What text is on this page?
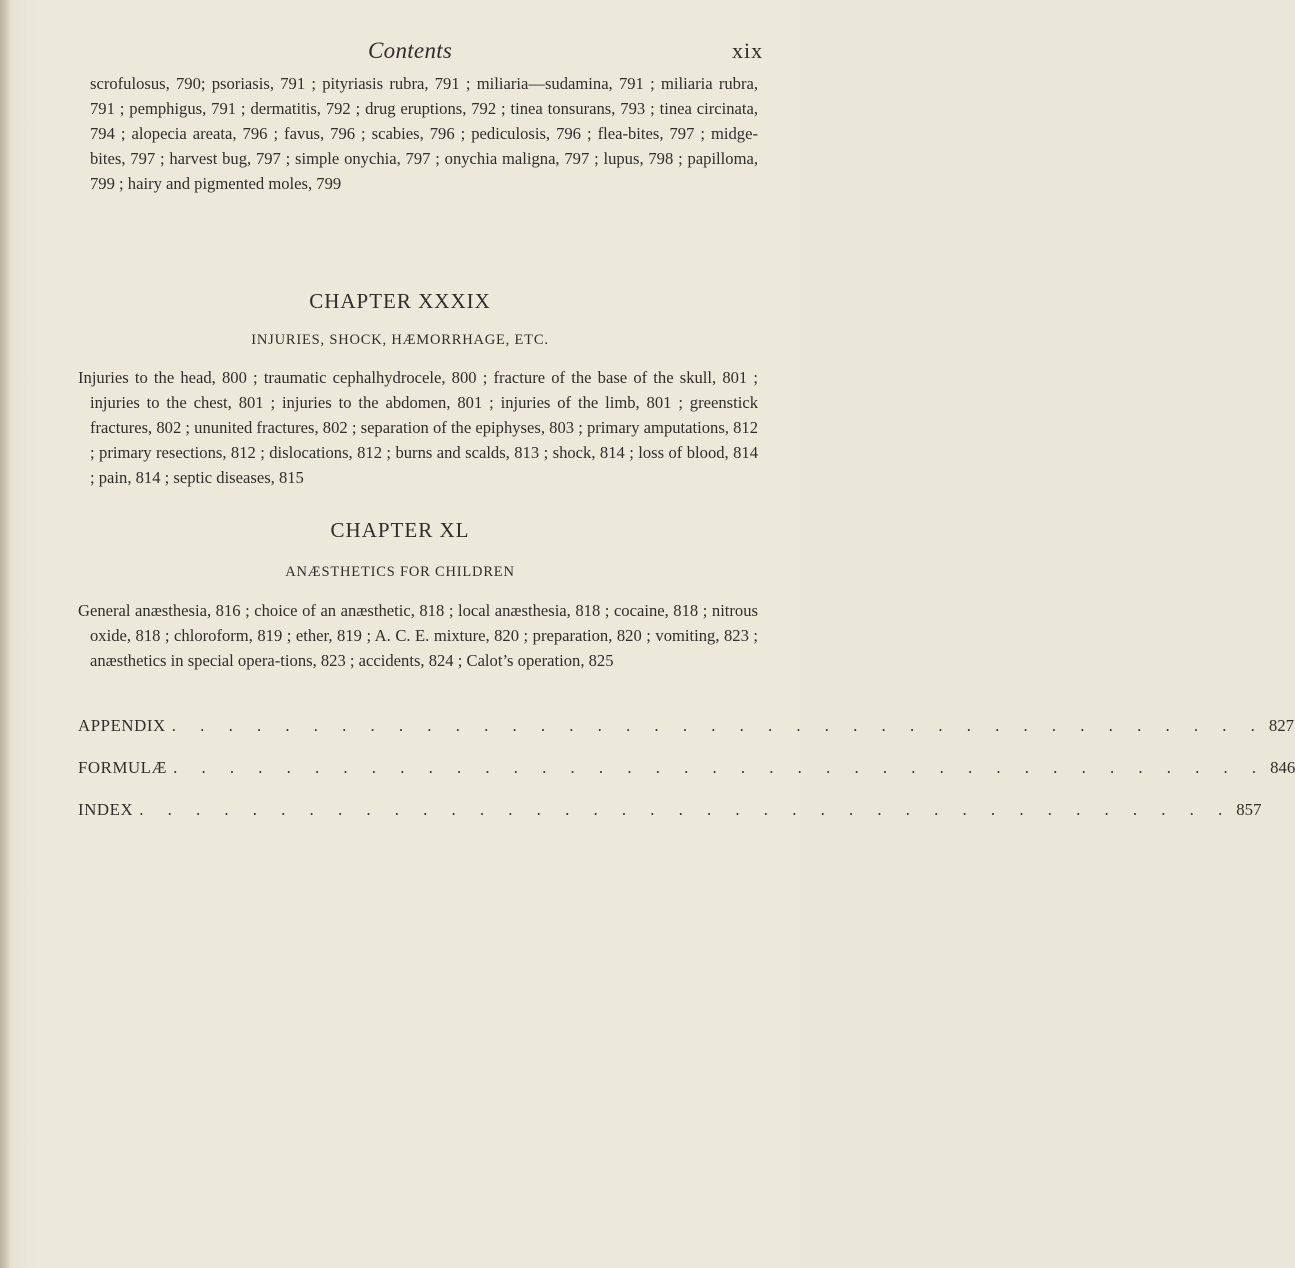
Contents	xix
scrofulosus, 790; psoriasis, 791 ; pityriasis rubra, 791 ; miliaria—sudamina, 791 ; miliaria rubra, 791 ; pemphigus, 791 ; dermatitis, 792 ; drug eruptions, 792 ; tinea tonsurans, 793 ; tinea circinata, 794 ; alopecia areata, 796 ; favus, 796 ; scabies, 796 ; pediculosis, 796 ; flea-bites, 797 ; midge-bites, 797 ; harvest bug, 797 ; simple onychia, 797 ; onychia maligna, 797 ; lupus, 798 ; papilloma, 799 ; hairy and pigmented moles, 799
CHAPTER XXXIX
INJURIES, SHOCK, HÆMORRHAGE, ETC.
Injuries to the head, 800 ; traumatic cephalhydrocele, 800 ; fracture of the base of the skull, 801 ; injuries to the chest, 801 ; injuries to the abdomen, 801 ; injuries of the limb, 801 ; greenstick fractures, 802 ; ununited fractures, 802 ; separation of the epiphyses, 803 ; primary amputations, 812 ; primary resections, 812 ; dislocations, 812 ; burns and scalds, 813 ; shock, 814 ; loss of blood, 814 ; pain, 814 ; septic diseases, 815
CHAPTER XL
ANÆSTHETICS FOR CHILDREN
General anæsthesia, 816 ; choice of an anæsthetic, 818 ; local anæsthesia, 818 ; cocaine, 818 ; nitrous oxide, 818 ; chloroform, 819 ; ether, 819 ; A. C. E. mixture, 820 ; preparation, 820 ; vomiting, 823 ; anæsthetics in special opera-tions, 823 ; accidents, 824 ; Calot’s operation, 825
APPENDIX . . . . . . . . . . . . . . . . . . . . . . . . . . . . . . . . . . . . . . . 827
FORMULÆ . . . . . . . . . . . . . . . . . . . . . . . . . . . . . . . . . . . . . . . 846
INDEX . . . . . . . . . . . . . . . . . . . . . . . . . . . . . . . . . . . . . . . 857
